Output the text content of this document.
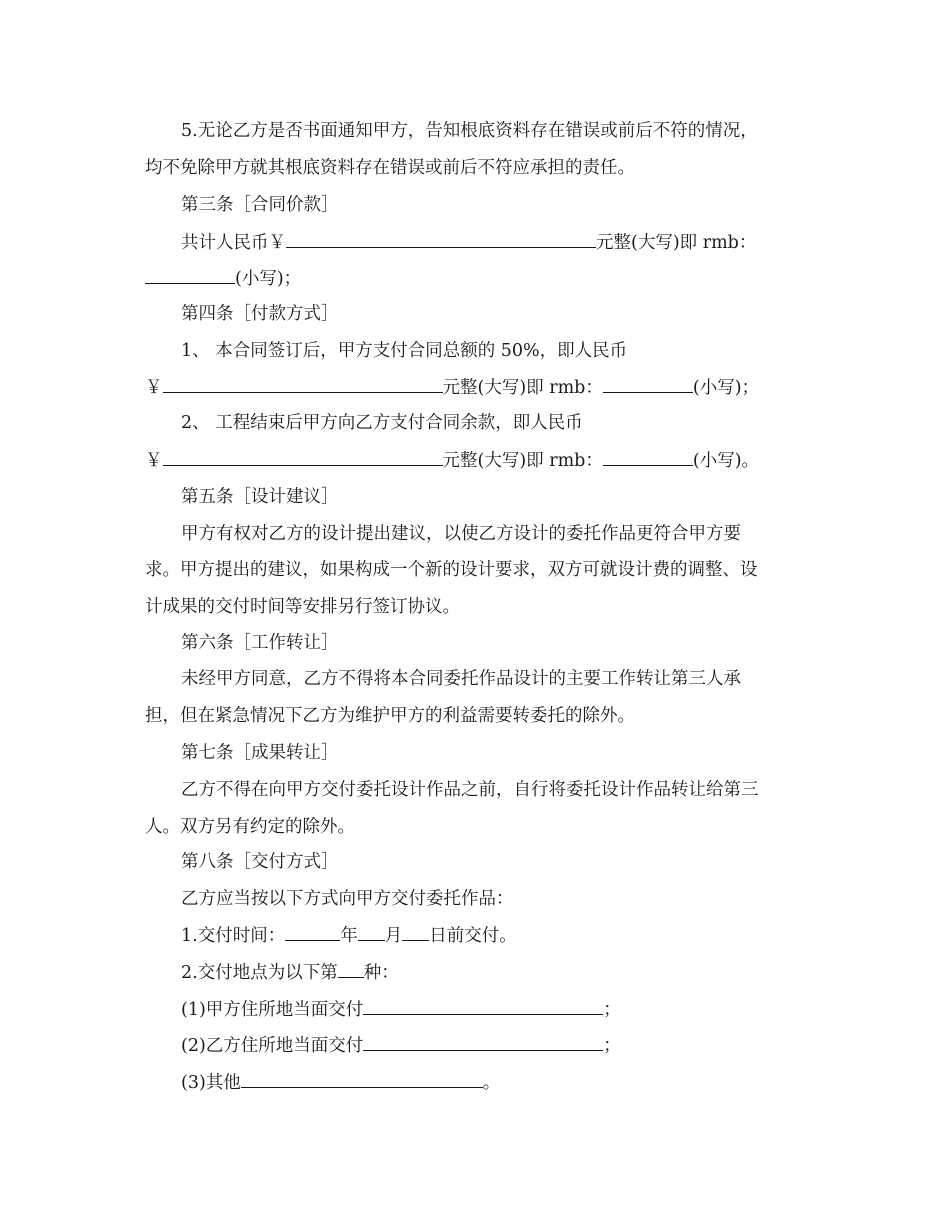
5.无论乙方是否书面通知甲方，告知根底资料存在错误或前后不符的情况，
均不免除甲方就其根底资料存在错误或前后不符应承担的责任。
第三条［合同价款］
共计人民币￥	元整(大写)即 rmb：
(小写)；
第四条［付款方式］
1、 本合同签订后，甲方支付合同总额的 50%，即人民币
￥	元整(大写)即 rmb：	(小写)；
2、 工程结束后甲方向乙方支付合同余款，即人民币
￥	元整(大写)即 rmb：	(小写)。
第五条［设计建议］
甲方有权对乙方的设计提出建议，以使乙方设计的委托作品更符合甲方要
求。甲方提出的建议，如果构成一个新的设计要求，双方可就设计费的调整、设
计成果的交付时间等安排另行签订协议。
第六条［工作转让］
未经甲方同意，乙方不得将本合同委托作品设计的主要工作转让第三人承
担，但在紧急情况下乙方为维护甲方的利益需要转委托的除外。
第七条［成果转让］
乙方不得在向甲方交付委托设计作品之前，自行将委托设计作品转让给第三
人。双方另有约定的除外。
第八条［交付方式］
乙方应当按以下方式向甲方交付委托作品：
1.交付时间：	年 月 日前交付。
2.交付地点为以下第 种：
(1)甲方住所地当面交付	；
(2)乙方住所地当面交付	；
(3)其他	。
